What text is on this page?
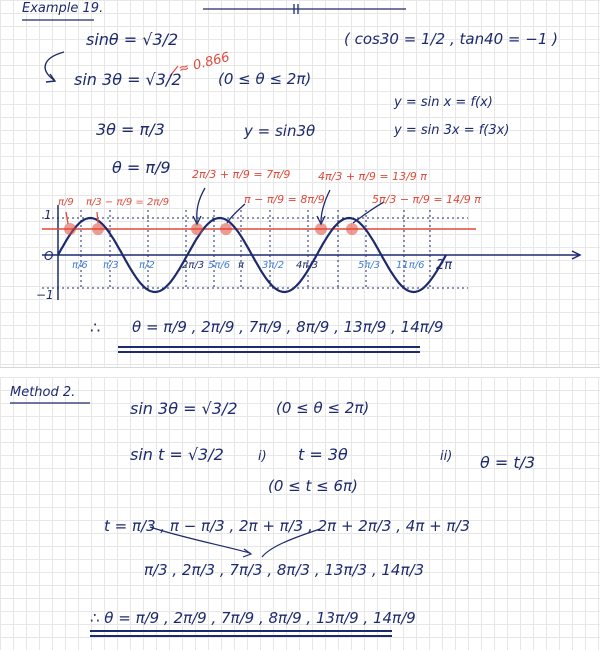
Example 19.
sinθ = √3/2	( cos30 = 1/2 , tan40 = −1 )
sin 3θ = √3/2
≈ 0.866
(0 ≤ θ ≤ 2π)
y = sin x = f(x)
y = sin 3x = f(3x)
3θ = π/3	y = sin3θ
θ = π/9 2π/3 + π/9 = 7π/9
π − π/9 = 8π/9
4π/3 + π/9 = 13/9 π
5π/3 − π/9 = 14/9 π
π/9 π/3 − π/9 = 2π/9
1
O
−1
2π
π/6 π/3 π/2	2π/3 5π/6 π 3π/2 4π/3	5π/3 11π/6
∴ θ = π/9 , 2π/9 , 7π/9 , 8π/9 , 13π/9 , 14π/9
Method 2.
sin 3θ = √3/2	(0 ≤ θ ≤ 2π)
sin t = √3/2	i) t = 3θ	ii) θ = t/3
(0 ≤ t ≤ 6π)
t = π/3 , π − π/3 , 2π + π/3 , 2π + 2π/3 , 4π + π/3
π/3 , 2π/3 , 7π/3 , 8π/3 , 13π/3 , 14π/3
∴ θ = π/9 , 2π/9 , 7π/9 , 8π/9 , 13π/9 , 14π/9
